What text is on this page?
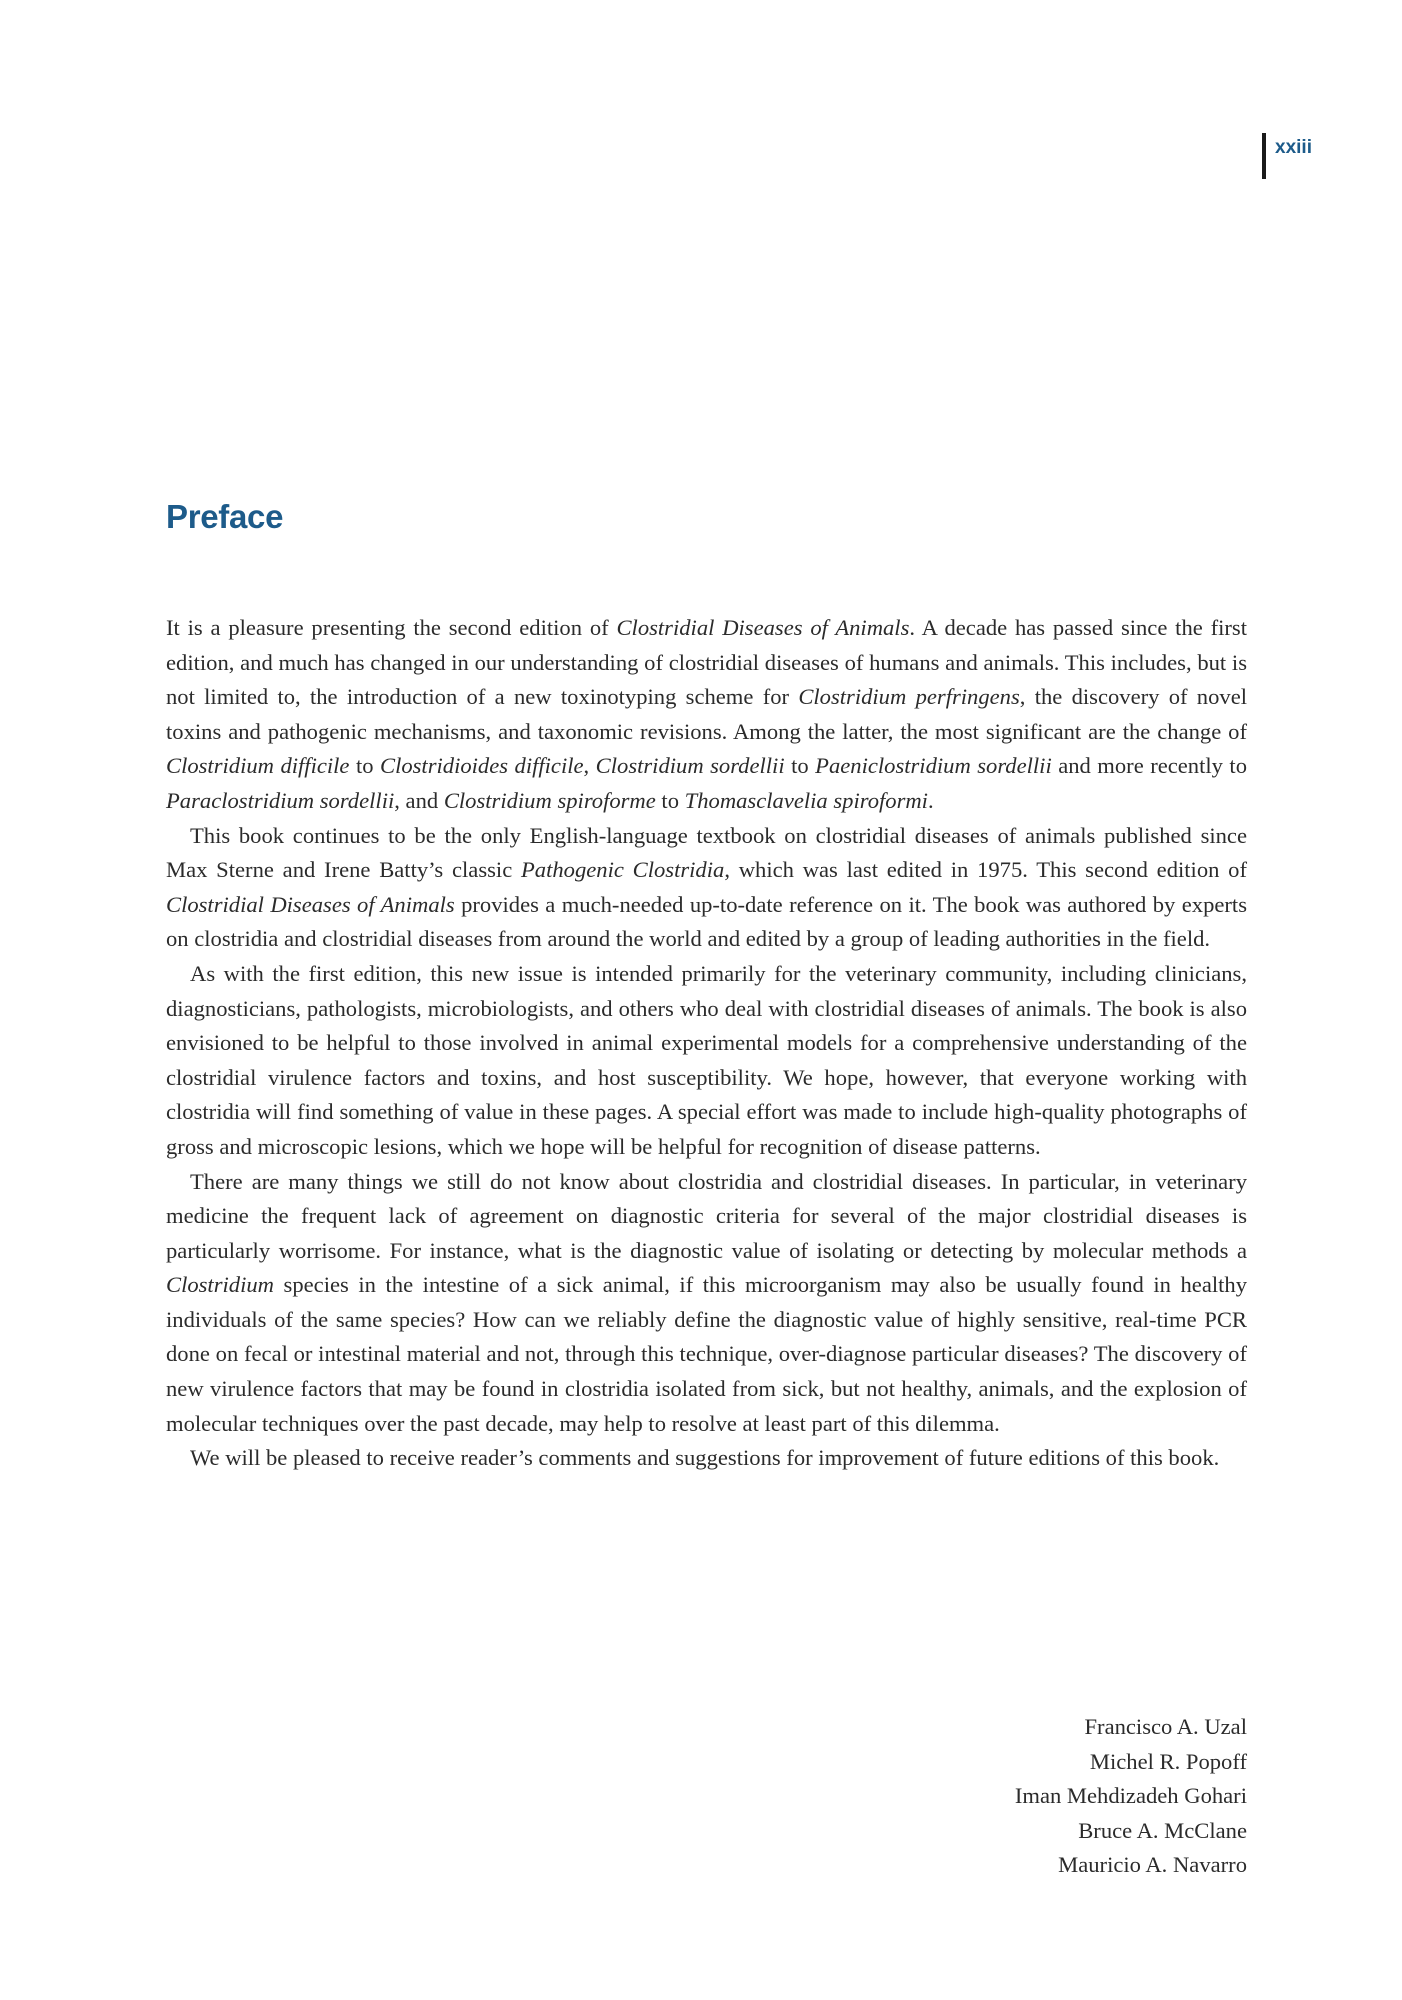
xxiii
Preface

It is a pleasure presenting the second edition of Clostridial Diseases of Animals. A decade has passed since the first edition, and much has changed in our understanding of clostridial diseases of humans and animals. This includes, but is not limited to, the introduction of a new toxinotyping scheme for Clostridium perfringens, the discovery of novel toxins and pathogenic mechanisms, and taxonomic revisions. Among the latter, the most significant are the change of Clostridium difficile to Clostridioides difficile, Clostridium sordellii to Paeniclostridium sordellii and more recently to Paraclostridium sordellii, and Clostridium spiroforme to Thomasclavelia spiroformi.

This book continues to be the only English-language textbook on clostridial diseases of animals published since Max Sterne and Irene Batty’s classic Pathogenic Clostridia, which was last edited in 1975. This second edition of Clostridial Diseases of Animals provides a much-needed up-to-date reference on it. The book was authored by experts on clostridia and clostridial diseases from around the world and edited by a group of leading authorities in the field.

As with the first edition, this new issue is intended primarily for the veterinary community, including clinicians, diagnosticians, pathologists, microbiologists, and others who deal with clostridial diseases of animals. The book is also envisioned to be helpful to those involved in animal experimental models for a comprehensive understanding of the clostridial virulence factors and toxins, and host susceptibility. We hope, however, that everyone working with clostridia will find something of value in these pages. A special effort was made to include high-quality photographs of gross and microscopic lesions, which we hope will be helpful for recognition of disease patterns.

There are many things we still do not know about clostridia and clostridial diseases. In particular, in veterinary medicine the frequent lack of agreement on diagnostic criteria for several of the major clostridial diseases is particularly worrisome. For instance, what is the diagnostic value of isolating or detecting by molecular methods a Clostridium species in the intestine of a sick animal, if this microorganism may also be usually found in healthy individuals of the same species? How can we reliably define the diagnostic value of highly sensitive, real-time PCR done on fecal or intestinal material and not, through this technique, over-diagnose particular diseases? The discovery of new virulence factors that may be found in clostridia isolated from sick, but not healthy, animals, and the explosion of molecular techniques over the past decade, may help to resolve at least part of this dilemma.

We will be pleased to receive reader’s comments and suggestions for improvement of future editions of this book.

Francisco A. Uzal
Michel R. Popoff
Iman Mehdizadeh Gohari
Bruce A. McClane
Mauricio A. Navarro
